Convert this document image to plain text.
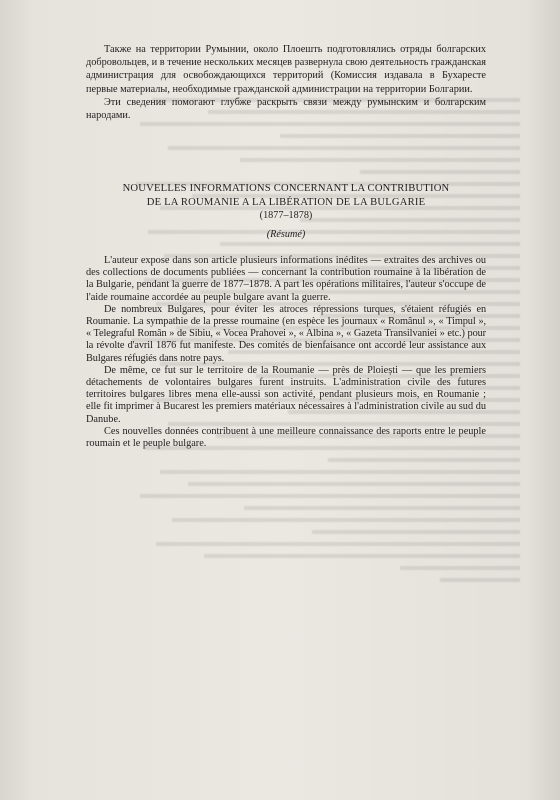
Также на территории Румынии, около Плоешть подготовлялись отряды болгарских добровольцев, и в течение нескольких месяцев развернула свою деятельность гражданская администрация для освобождающихся территорий (Комиссия издавала в Бухаресте первые материалы, необходимые гражданской администрации на территории Болгарии.

Эти сведения помогают глубже раскрыть связи между румынским и болгарским народами.

NOUVELLES INFORMATIONS CONCERNANT LA CONTRIBUTION
DE LA ROUMANIE A LA LIBÉRATION DE LA BULGARIE
(1877–1878)
(Résumé)

L'auteur expose dans son article plusieurs informations inédites — extraites des archives ou des collections de documents publiées — concernant la contribution roumaine à la libération de la Bulgarie, pendant la guerre de 1877–1878. A part les opérations militaires, l'auteur s'occupe de l'aide roumaine accordée au peuple bulgare avant la guerre.

De nombreux Bulgares, pour éviter les atroces répressions turques, s'étaient réfugiés en Roumanie. La sympathie de la presse roumaine (en espèce les journaux « Românul », « Timpul », « Telegraful Român » de Sibiu, « Vocea Prahovei », « Albina », « Gazeta Transilvaniei » etc.) pour la révolte d'avril 1876 fut manifeste. Des comités de bienfaisance ont accordé leur assistance aux Bulgares réfugiés dans notre pays.

De même, ce fut sur le territoire de la Roumanie — près de Ploiești — que les premiers détachements de volontaires bulgares furent instruits. L'administration civile des futures territoires bulgares libres mena elle-aussi son activité, pendant plusieurs mois, en Roumanie ; elle fit imprimer à Bucarest les premiers matériaux nécessaires à l'administration civile au sud du Danube.

Ces nouvelles données contribuent à une meilleure connaissance des raports entre le peuple roumain et le peuple bulgare.
